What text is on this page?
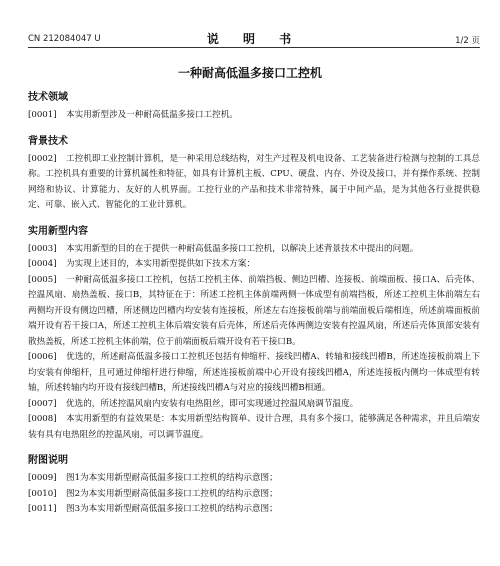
CN 212084047 U	说 明 书	1/2 页
一种耐高低温多接口工控机
技术领域

[0001] 本实用新型涉及一种耐高低温多接口工控机。

背景技术

[0002] 工控机即工业控制计算机，是一种采用总线结构，对生产过程及机电设备、工艺装备进行检测与控制的工具总称。工控机具有重要的计算机属性和特征，如具有计算机主板、CPU、硬盘、内存、外设及接口，并有操作系统、控制网络和协议、计算能力、友好的人机界面。工控行业的产品和技术非常特殊，属于中间产品，是为其他各行业提供稳定、可靠、嵌入式、智能化的工业计算机。

实用新型内容

[0003] 本实用新型的目的在于提供一种耐高低温多接口工控机，以解决上述背景技术中提出的问题。

[0004] 为实现上述目的，本实用新型提供如下技术方案：

[0005] 一种耐高低温多接口工控机，包括工控机主体、前端挡板、侧边凹槽、连接板、前端面板、接口A、后壳体、控温风扇、扇热盖板、接口B，其特征在于：所述工控机主体前端两侧一体成型有前端挡板，所述工控机主体前端左右两侧均开设有侧边凹槽，所述侧边凹槽内均安装有连接板，所述左右连接板前端与前端面板后端相连，所述前端面板前端开设有若干接口A，所述工控机主体后端安装有后壳体，所述后壳体两侧边安装有控温风扇，所述后壳体顶部安装有散热盖板，所述工控机主体前端，位于前端面板后端开设有若干接口B。

[0006] 优选的，所述耐高低温多接口工控机还包括有伸缩杆、接线凹槽A、转轴和接线凹槽B，所述连接板前端上下均安装有伸缩杆，且可通过伸缩杆进行伸缩，所述连接板前端中心开设有接线凹槽A，所述连接板内侧均一体成型有转轴，所述转轴内均开设有接线凹槽B，所述接线凹槽A与对应的接线凹槽B相通。

[0007] 优选的，所述控温风扇内安装有电热阻丝，即可实现通过控温风扇调节温度。

[0008] 本实用新型的有益效果是：本实用新型结构简单、设计合理，具有多个接口，能够满足各种需求，并且后端安装有具有电热阻丝的控温风扇，可以调节温度。

附图说明

[0009] 图1为本实用新型耐高低温多接口工控机的结构示意图；

[0010] 图2为本实用新型耐高低温多接口工控机的结构示意图；

[0011] 图3为本实用新型耐高低温多接口工控机的结构示意图；
